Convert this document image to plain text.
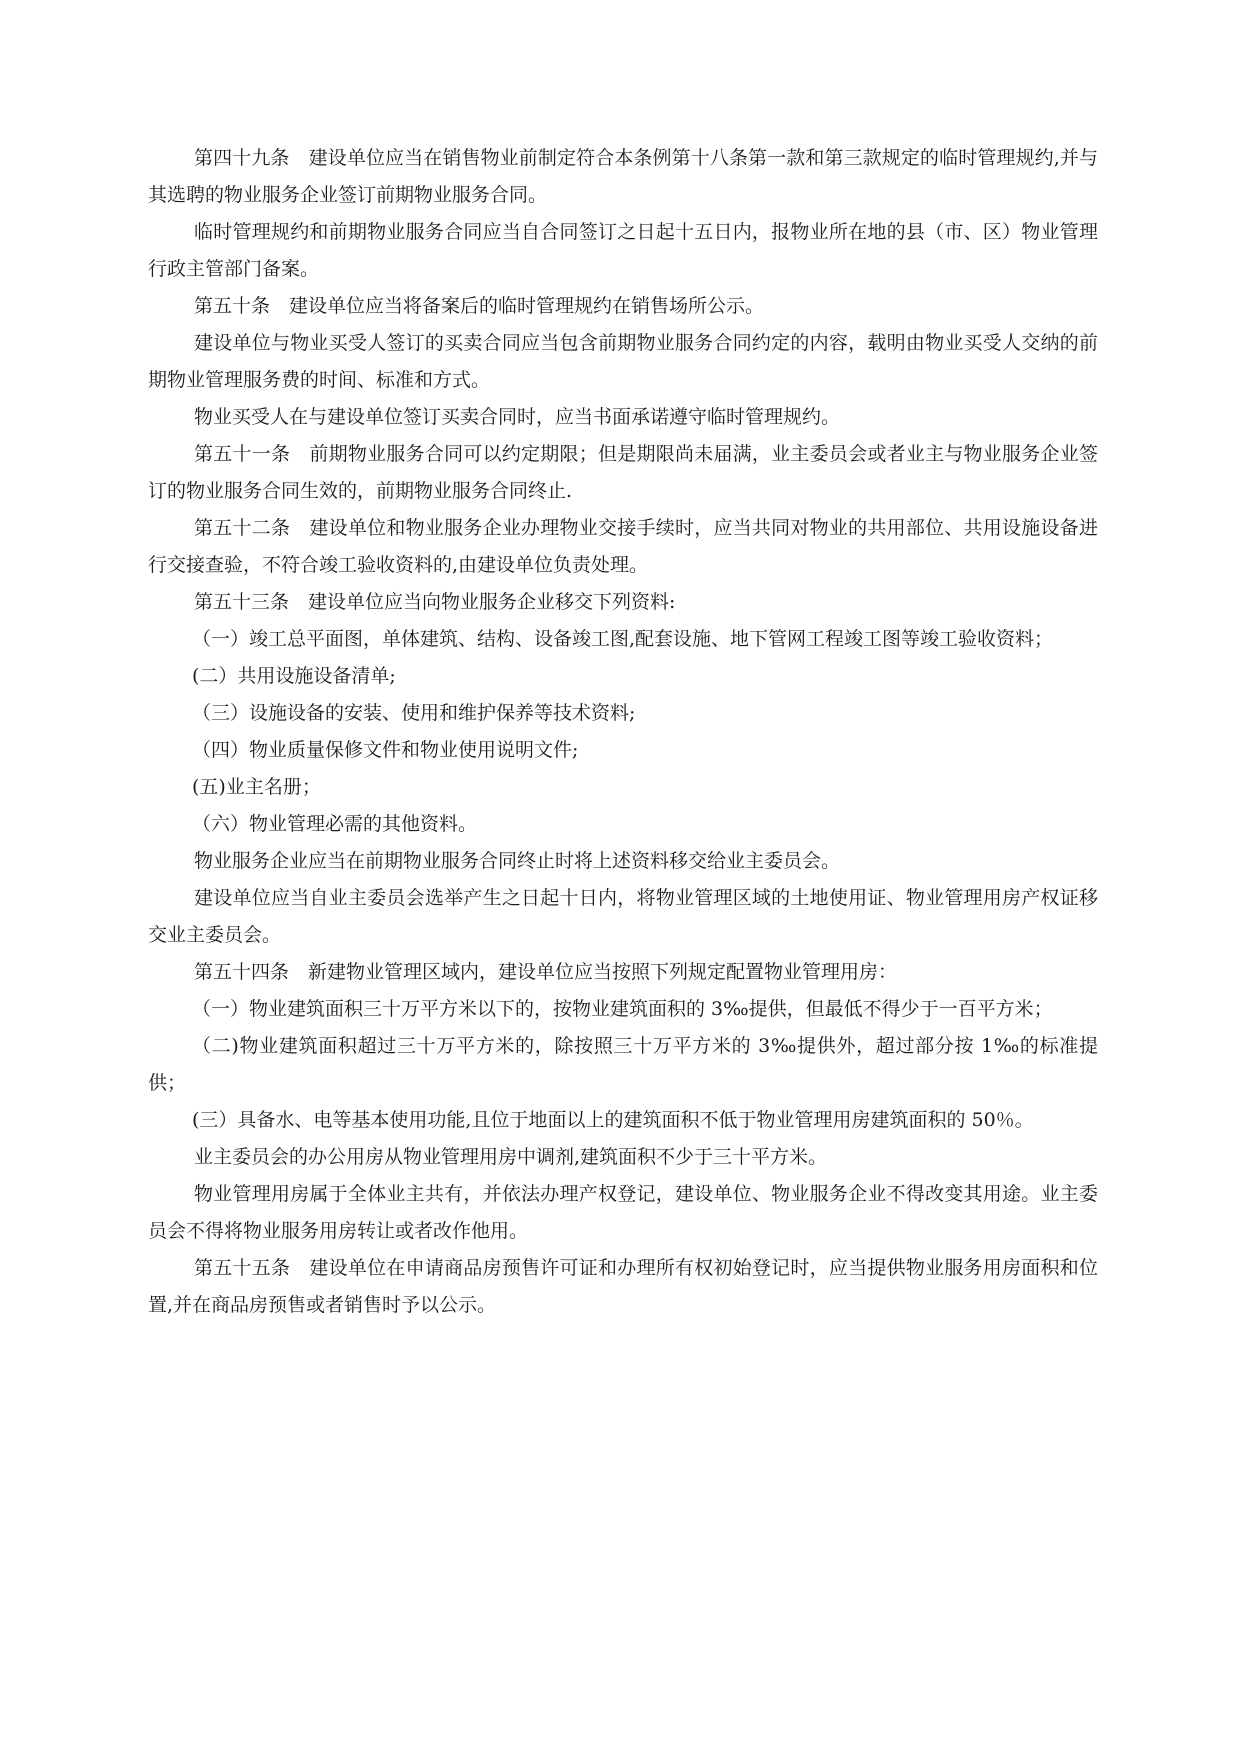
第四十九条　建设单位应当在销售物业前制定符合本条例第十八条第一款和第三款规定的临时管理规约,并与其选聘的物业服务企业签订前期物业服务合同。

临时管理规约和前期物业服务合同应当自合同签订之日起十五日内，报物业所在地的县（市、区）物业管理行政主管部门备案。

第五十条　建设单位应当将备案后的临时管理规约在销售场所公示。

建设单位与物业买受人签订的买卖合同应当包含前期物业服务合同约定的内容，载明由物业买受人交纳的前期物业管理服务费的时间、标准和方式。

物业买受人在与建设单位签订买卖合同时，应当书面承诺遵守临时管理规约。

第五十一条　前期物业服务合同可以约定期限；但是期限尚未届满，业主委员会或者业主与物业服务企业签订的物业服务合同生效的，前期物业服务合同终止.

第五十二条　建设单位和物业服务企业办理物业交接手续时，应当共同对物业的共用部位、共用设施设备进行交接查验，不符合竣工验收资料的,由建设单位负责处理。

第五十三条　建设单位应当向物业服务企业移交下列资料:

（一）竣工总平面图，单体建筑、结构、设备竣工图,配套设施、地下管网工程竣工图等竣工验收资料；

(二）共用设施设备清单;

（三）设施设备的安装、使用和维护保养等技术资料;

（四）物业质量保修文件和物业使用说明文件;

(五)业主名册；

（六）物业管理必需的其他资料。

物业服务企业应当在前期物业服务合同终止时将上述资料移交给业主委员会。

建设单位应当自业主委员会选举产生之日起十日内，将物业管理区域的土地使用证、物业管理用房产权证移交业主委员会。

第五十四条　新建物业管理区域内，建设单位应当按照下列规定配置物业管理用房：

（一）物业建筑面积三十万平方米以下的，按物业建筑面积的 3‰提供，但最低不得少于一百平方米；

（二)物业建筑面积超过三十万平方米的，除按照三十万平方米的 3‰提供外，超过部分按 1‰的标准提供；

(三）具备水、电等基本使用功能,且位于地面以上的建筑面积不低于物业管理用房建筑面积的 50％。

业主委员会的办公用房从物业管理用房中调剂,建筑面积不少于三十平方米。

物业管理用房属于全体业主共有，并依法办理产权登记，建设单位、物业服务企业不得改变其用途。业主委员会不得将物业服务用房转让或者改作他用。

第五十五条　建设单位在申请商品房预售许可证和办理所有权初始登记时，应当提供物业服务用房面积和位置,并在商品房预售或者销售时予以公示。
